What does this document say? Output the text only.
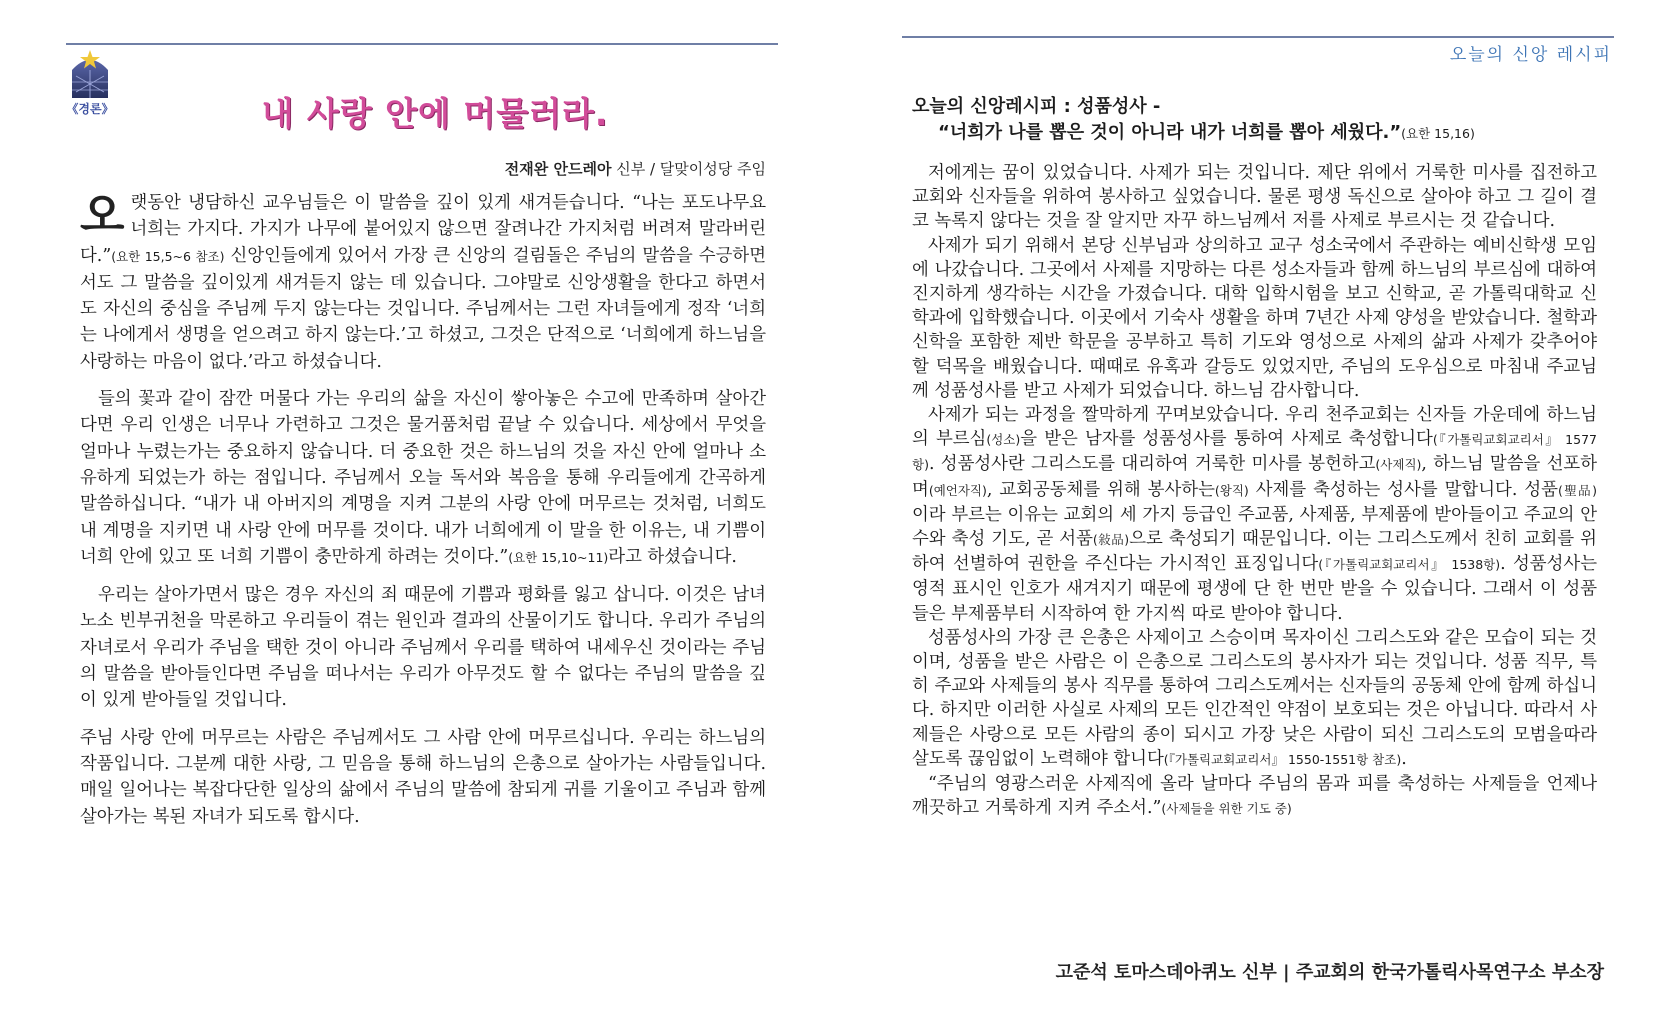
《경론》	내 사랑 안에 머물러라.
전재완 안드레아 신부 / 달맞이성당 주임

오랫동안 냉담하신 교우님들은 이 말씀을 깊이 있게 새겨듣습니다. “나는 포도나무요 너희는 가지다. 가지가 나무에 붙어있지 않으면 잘려나간 가지처럼 버려져 말라버린다.”(요한 15,5~6 참조) 신앙인들에게 있어서 가장 큰 신앙의 걸림돌은 주님의 말씀을 수긍하면서도 그 말씀을 깊이있게 새겨듣지 않는 데 있습니다. 그야말로 신앙생활을 한다고 하면서도 자신의 중심을 주님께 두지 않는다는 것입니다. 주님께서는 그런 자녀들에게 정작 ‘너희는 나에게서 생명을 얻으려고 하지 않는다.’고 하셨고, 그것은 단적으로 ‘너희에게 하느님을 사랑하는 마음이 없다.’라고 하셨습니다.

들의 꽃과 같이 잠깐 머물다 가는 우리의 삶을 자신이 쌓아놓은 수고에 만족하며 살아간다면 우리 인생은 너무나 가련하고 그것은 물거품처럼 끝날 수 있습니다. 세상에서 무엇을 얼마나 누렸는가는 중요하지 않습니다. 더 중요한 것은 하느님의 것을 자신 안에 얼마나 소유하게 되었는가 하는 점입니다. 주님께서 오늘 독서와 복음을 통해 우리들에게 간곡하게 말씀하십니다. “내가 내 아버지의 계명을 지켜 그분의 사랑 안에 머무르는 것처럼, 너희도 내 계명을 지키면 내 사랑 안에 머무를 것이다. 내가 너희에게 이 말을 한 이유는, 내 기쁨이 너희 안에 있고 또 너희 기쁨이 충만하게 하려는 것이다.”(요한 15,10~11)라고 하셨습니다.

우리는 살아가면서 많은 경우 자신의 죄 때문에 기쁨과 평화를 잃고 삽니다. 이것은 남녀노소 빈부귀천을 막론하고 우리들이 겪는 원인과 결과의 산물이기도 합니다. 우리가 주님의 자녀로서 우리가 주님을 택한 것이 아니라 주님께서 우리를 택하여 내세우신 것이라는 주님의 말씀을 받아들인다면 주님을 떠나서는 우리가 아무것도 할 수 없다는 주님의 말씀을 깊이 있게 받아들일 것입니다.

주님 사랑 안에 머무르는 사람은 주님께서도 그 사람 안에 머무르십니다. 우리는 하느님의 작품입니다. 그분께 대한 사랑, 그 믿음을 통해 하느님의 은총으로 살아가는 사람들입니다. 매일 일어나는 복잡다단한 일상의 삶에서 주님의 말씀에 참되게 귀를 기울이고 주님과 함께 살아가는 복된 자녀가 되도록 합시다.

오늘의 신앙 레시피

오늘의 신앙레시피 : 성품성사 -

“너희가 나를 뽑은 것이 아니라 내가 너희를 뽑아 세웠다.”(요한 15,16)

저에게는 꿈이 있었습니다. 사제가 되는 것입니다. 제단 위에서 거룩한 미사를 집전하고 교회와 신자들을 위하여 봉사하고 싶었습니다. 물론 평생 독신으로 살아야 하고 그 길이 결코 녹록지 않다는 것을 잘 알지만 자꾸 하느님께서 저를 사제로 부르시는 것 같습니다.

사제가 되기 위해서 본당 신부님과 상의하고 교구 성소국에서 주관하는 예비신학생 모임에 나갔습니다. 그곳에서 사제를 지망하는 다른 성소자들과 함께 하느님의 부르심에 대하여 진지하게 생각하는 시간을 가졌습니다. 대학 입학시험을 보고 신학교, 곧 가톨릭대학교 신학과에 입학했습니다. 이곳에서 기숙사 생활을 하며 7년간 사제 양성을 받았습니다. 철학과 신학을 포함한 제반 학문을 공부하고 특히 기도와 영성으로 사제의 삶과 사제가 갖추어야 할 덕목을 배웠습니다. 때때로 유혹과 갈등도 있었지만, 주님의 도우심으로 마침내 주교님께 성품성사를 받고 사제가 되었습니다. 하느님 감사합니다.

사제가 되는 과정을 짤막하게 꾸며보았습니다. 우리 천주교회는 신자들 가운데에 하느님의 부르심(성소)을 받은 남자를 성품성사를 통하여 사제로 축성합니다(『가톨릭교회교리서』 1577항). 성품성사란 그리스도를 대리하여 거룩한 미사를 봉헌하고(사제직), 하느님 말씀을 선포하며(예언자직), 교회공동체를 위해 봉사하는(왕직) 사제를 축성하는 성사를 말합니다. 성품(聖品)이라 부르는 이유는 교회의 세 가지 등급인 주교품, 사제품, 부제품에 받아들이고 주교의 안수와 축성 기도, 곧 서품(敍品)으로 축성되기 때문입니다. 이는 그리스도께서 친히 교회를 위하여 선별하여 권한을 주신다는 가시적인 표징입니다(『가톨릭교회교리서』 1538항). 성품성사는 영적 표시인 인호가 새겨지기 때문에 평생에 단 한 번만 받을 수 있습니다. 그래서 이 성품들은 부제품부터 시작하여 한 가지씩 따로 받아야 합니다.

성품성사의 가장 큰 은총은 사제이고 스승이며 목자이신 그리스도와 같은 모습이 되는 것이며, 성품을 받은 사람은 이 은총으로 그리스도의 봉사자가 되는 것입니다. 성품 직무, 특히 주교와 사제들의 봉사 직무를 통하여 그리스도께서는 신자들의 공동체 안에 함께 하십니다. 하지만 이러한 사실로 사제의 모든 인간적인 약점이 보호되는 것은 아닙니다. 따라서 사제들은 사랑으로 모든 사람의 종이 되시고 가장 낮은 사람이 되신 그리스도의 모범을따라 살도록 끊임없이 노력해야 합니다(『가톨릭교회교리서』 1550-1551항 참조).

“주님의 영광스러운 사제직에 올라 날마다 주님의 몸과 피를 축성하는 사제들을 언제나 깨끗하고 거룩하게 지켜 주소서.”(사제들을 위한 기도 중)

고준석 토마스데아퀴노 신부 | 주교회의 한국가톨릭사목연구소 부소장
